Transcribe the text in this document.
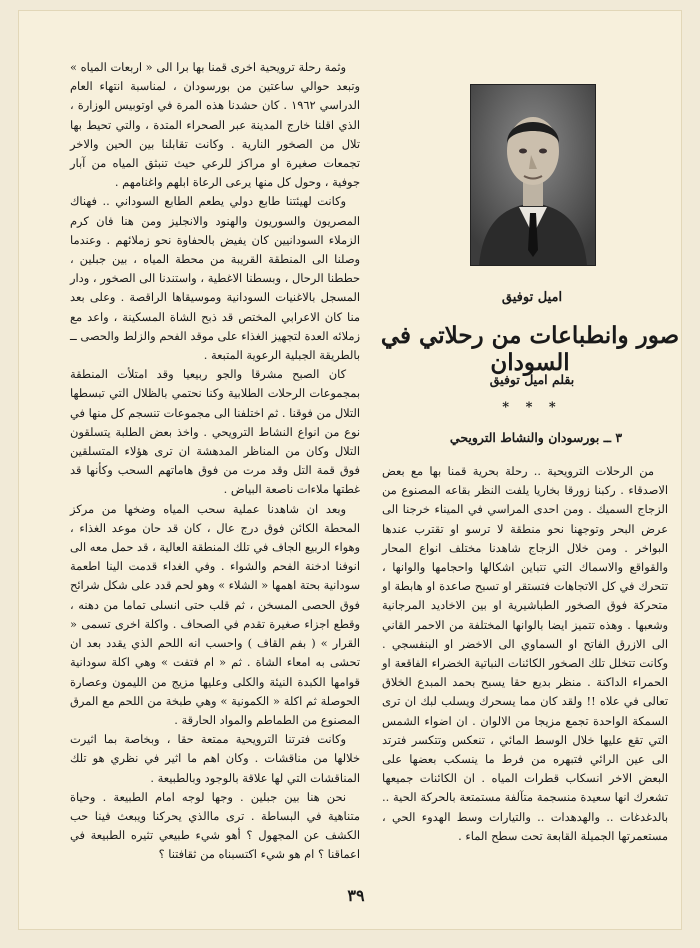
وثمة رحلة ترويحية اخرى قمنا بها برا الى « اربعات المياه » وتبعد حوالي ساعتين من بورسودان ، لمناسبة انتهاء العام الدراسي ١٩٦٢ . كان حشدنا هذه المرة في اوتوبيس الوزارة ، الذي اقلنا خارج المدينة عبر الصحراء المتدة ، والتي تحيط بها تلال من الصخور النارية . وكانت تقابلنا بين الحين والاخر تجمعات صغيرة او مراكز للرعي حيث تنبثق المياه من آبار جوفية ، وحول كل منها يرعى الرعاة ابلهم واغنامهم .

وكانت لهيئتنا طابع دولي يطعم الطابع السوداني .. فهناك المصريون والسوريون والهنود والانجليز ومن هنا فان كرم الزملاء السودانيين كان يفيض بالحفاوة نحو زملائهم . وعندما وصلنا الى المنطقة القريبة من محطة المياه ، بين جبلين ، حططنا الرحال ، وبسطنا الاغطية ، واستندنا الى الصخور ، ودار المسجل بالاغنيات السودانية وموسيقاها الراقصة . وعلى بعد منا كان الاعرابي المختص قد ذبح الشاة المسكينة ، واعد مع زملائه العدة لتجهيز الغذاء على موقد الفحم والزلط والحصى ــ بالطريقة الجبلية الرعوية المتبعة .

كان الصبح مشرقا والجو ربيعيا وقد امتلأت المنطقة بمجموعات الرحلات الطلابية وكنا نحتمي بالظلال التي تبسطها التلال من فوقنا . ثم اختلفنا الى مجموعات تنسجم كل منها في نوع من انواع النشاط الترويحي . واخذ بعض الطلبة يتسلقون التلال وكان من المناظر المدهشة ان ترى هؤلاء المتسلقين فوق قمة التل وقد مرت من فوق هاماتهم السحب وكأنها قد غطتها ملاءات ناصعة البياض .

وبعد ان شاهدنا عملية سحب المياه وضخها من مركز المحطة الكائن فوق درج عال ، كان قد حان موعد الغذاء ، وهواء الربيع الجاف في تلك المنطقة العالية ، قد حمل معه الى انوفنا ادخنة الفحم والشواء . وفي الغداء قدمت الينا اطعمة سودانية بحتة اهمها « الشلاء » وهو لحم قدد على شكل شرائح فوق الحصى المسخن ، ثم قلب حتى انسلى تماما من دهنه ، وقطع اجزاء صغيرة تقدم في الصحاف . واكلة اخرى تسمى « القرار » ( بفم القاف ) واحسب انه اللحم الذي يقدد بعد ان تحشى به امعاء الشاة . ثم « ام فتفت » وهي اكلة سودانية قوامها الكبدة النيئة والكلى وعليها مزيج من الليمون وعصارة الحوصلة ثم اكلة « الكمونية » وهي طبخة من اللحم مع المرق المصنوع من الطماطم والمواد الحارقة .

وكانت فترتنا الترويحية ممتعة حقا ، وبخاصة بما اثيرت خلالها من مناقشات . وكان اهم ما اثير في نظري هو تلك المناقشات التي لها علاقة بالوجود وبالطبيعة .

نحن هنا بين جبلين . وجها لوجه امام الطبيعة . وحياة متناهية في البساطة . ترى ماالذي يحركنا ويبعث فينا حب الكشف عن المجهول ؟ أهو شيء طبيعي تثيره الطبيعة في اعماقنا ؟ ام هو شيء اكتسبناه من ثقافتنا ؟

اميل توفيق
صور وانطباعات من رحلاتي في السودان
بقلم اميل توفيق
* * *
٣ ــ بورسودان والنشاط الترويحي

من الرحلات الترويحية .. رحلة بحرية قمنا بها مع بعض الاصدقاء . ركبنا زورقا بخاريا يلفت النظر بقاعه المصنوع من الزجاج السميك . ومن احدى المراسي في الميناء خرجنا الى عرض البحر وتوجهنا نحو منطقة لا ترسو او تقترب عندها البواخر . ومن خلال الزجاج شاهدنا مختلف انواع المحار والقواقع والاسماك التي تتباين اشكالها واحجامها والوانها ، تتحرك في كل الاتجاهات فتستقر او تسبح صاعدة او هابطة او متحركة فوق الصخور الطباشيرية او بين الاخاديد المرجانية وشعبها . وهذه تتميز ايضا بالوانها المختلفة من الاحمر القاني الى الازرق الفاتح او السماوي الى الاخضر او البنفسجي . وكانت تتخلل تلك الصخور الكائنات النباتية الخضراء الفاقعة او الحمراء الداكنة . منظر بديع حقا يسبح بحمد المبدع الخلاق تعالى في علاه !! ولقد كان مما يسحرك ويسلب لبك ان ترى السمكة الواحدة تجمع مزيجا من الالوان . ان اضواء الشمس التي تقع عليها خلال الوسط المائي ، تنعكس وتتكسر فترتد الى عين الرائي فتبهره من فرط ما ينسكب بعضها على البعض الاخر انسكاب قطرات المياه . ان الكائنات جميعها تشعرك انها سعيدة منسجمة متآلفة مستمتعة بالحركة الحية .. بالدغدغات .. والهدهدات .. والتيارات وسط الهدوء الحي ، مستعمرتها الجميلة القابعة تحت سطح الماء .

٣٩
